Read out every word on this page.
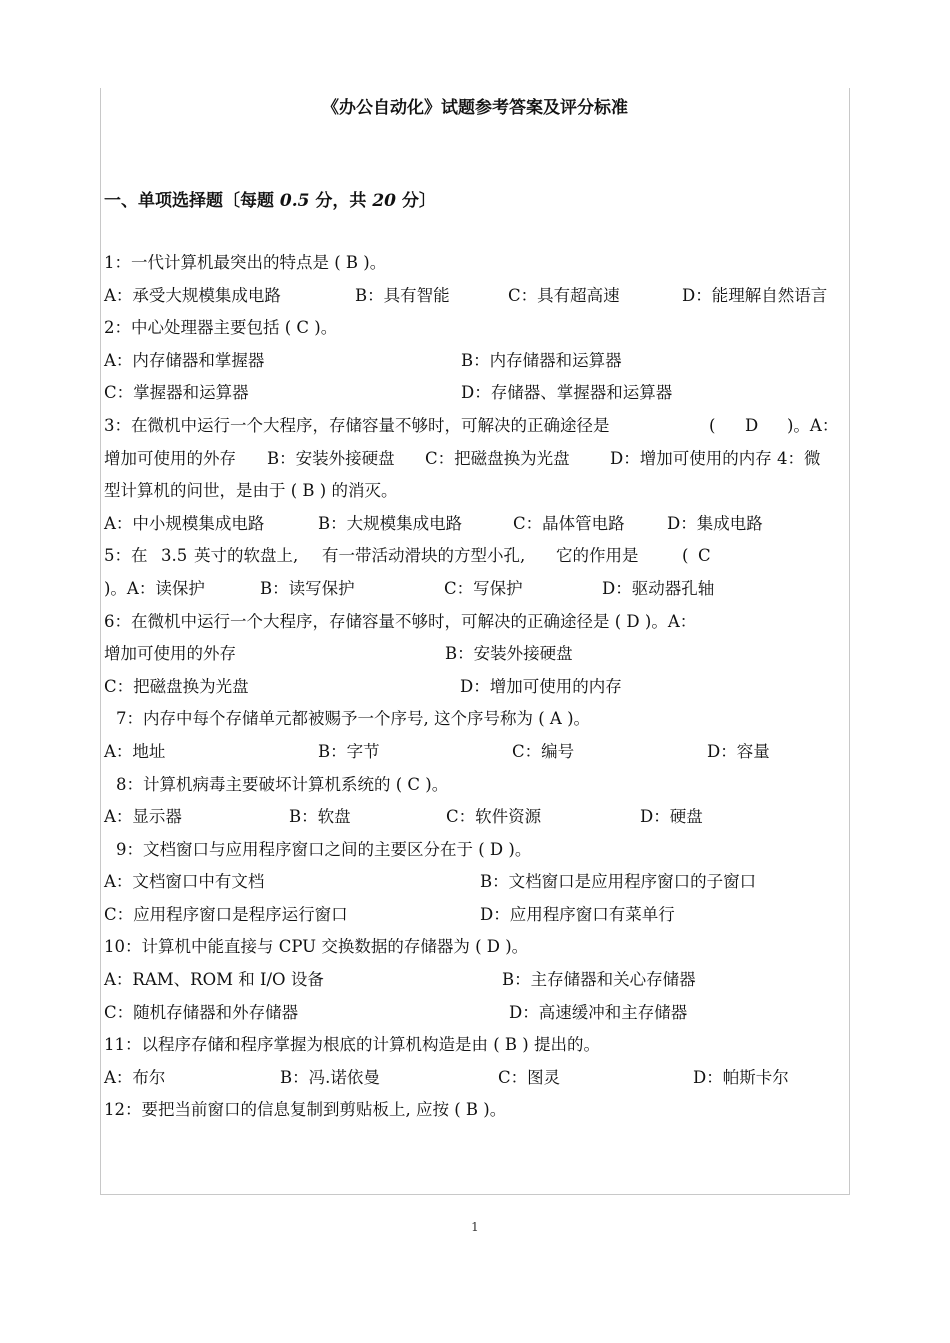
《办公自动化》试题参考答案及评分标准
一、单项选择题〔每题 0.5 分，共 20 分〕
1：一代计算机最突出的特点是 ( B )。
A：承受大规模集成电路	B：具有智能	C：具有超高速	D：能理解自然语言
2：中心处理器主要包括 ( C )。
A：内存储器和掌握器	B：内存储器和运算器
C：掌握器和运算器	D：存储器、掌握器和运算器
3：在微机中运行一个大程序，存储容量不够时，可解决的正确途径是	( D )。A：
增加可使用的外存 B：安装外接硬盘 C：把磁盘换为光盘 D：增加可使用的内存 4：微
型计算机的问世，是由于 ( B ) 的消灭。
A：中小规模集成电路	B：大规模集成电路	C：晶体管电路	D：集成电路
5：在 3.5 英寸的软盘上, 有一带活动滑块的方型小孔, 它的作用是	( C
)。A：读保护	B：读写保护	C：写保护	D：驱动器孔轴
6：在微机中运行一个大程序，存储容量不够时，可解决的正确途径是 ( D )。A：
增加可使用的外存	B：安装外接硬盘
C：把磁盘换为光盘	D：增加可使用的内存
7：内存中每个存储单元都被赐予一个序号, 这个序号称为 ( A )。
A：地址	B：字节	C：编号	D：容量
8：计算机病毒主要破坏计算机系统的 ( C )。
A：显示器	B：软盘	C：软件资源	D：硬盘
9：文档窗口与应用程序窗口之间的主要区分在于 ( D )。
A：文档窗口中有文档	B：文档窗口是应用程序窗口的子窗口
C：应用程序窗口是程序运行窗口	D：应用程序窗口有菜单行
10：计算机中能直接与 CPU 交换数据的存储器为 ( D )。
A：RAM、ROM 和 I/O 设备	B：主存储器和关心存储器
C：随机存储器和外存储器	D：高速缓冲和主存储器
11：以程序存储和程序掌握为根底的计算机构造是由 ( B ) 提出的。
A：布尔	B：冯.诺依曼	C：图灵	D：帕斯卡尔
12：要把当前窗口的信息复制到剪贴板上, 应按 ( B )。
1
